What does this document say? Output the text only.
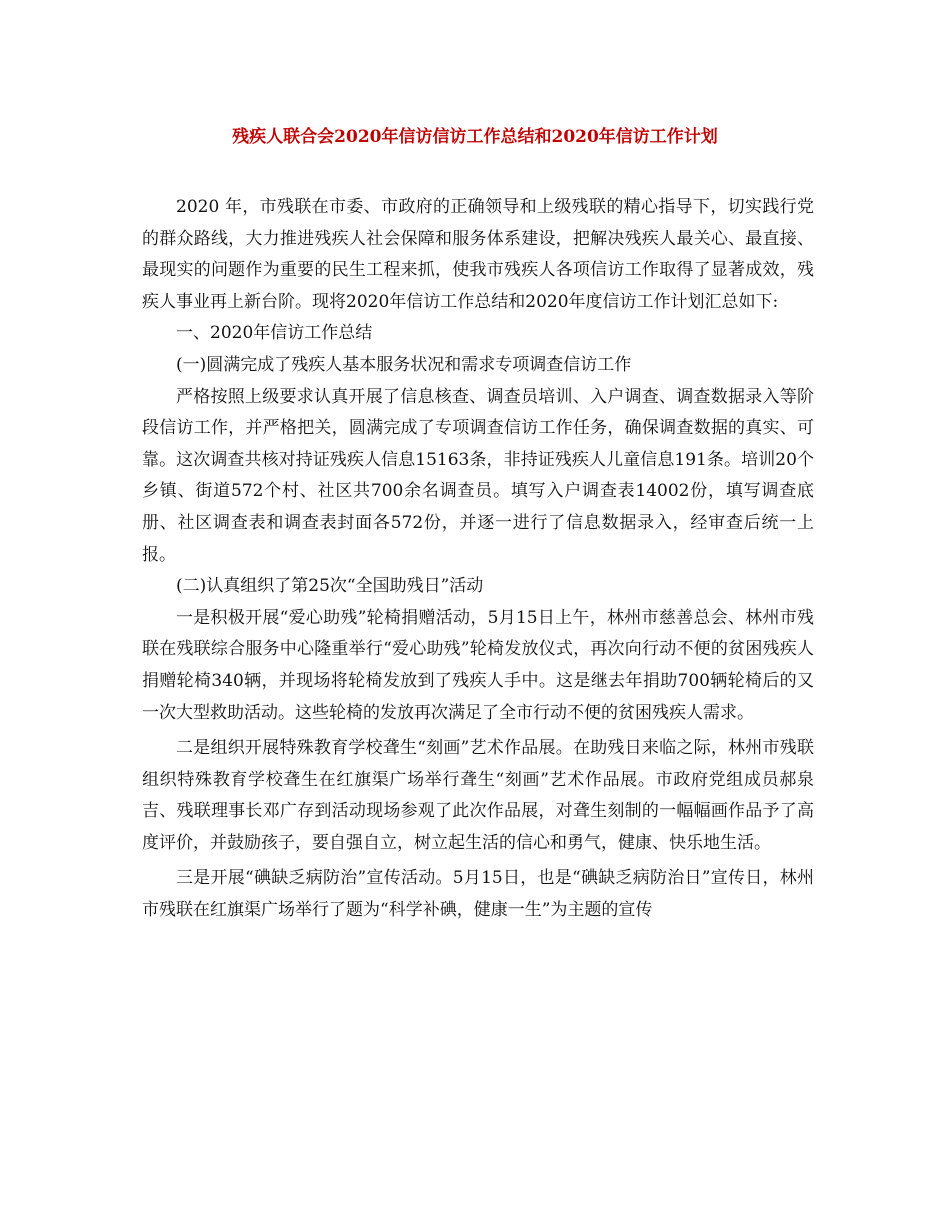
残疾人联合会2020年信访信访工作总结和2020年信访工作计划

2020 年，市残联在市委、市政府的正确领导和上级残联的精心指导下，切实践行党的群众路线，大力推进残疾人社会保障和服务体系建设，把解决残疾人最关心、最直接、最现实的问题作为重要的民生工程来抓，使我市残疾人各项信访工作取得了显著成效，残疾人事业再上新台阶。现将2020年信访工作总结和2020年度信访工作计划汇总如下:

一、2020年信访工作总结

(一)圆满完成了残疾人基本服务状况和需求专项调查信访工作

严格按照上级要求认真开展了信息核查、调查员培训、入户调查、调查数据录入等阶段信访工作，并严格把关，圆满完成了专项调查信访工作任务，确保调查数据的真实、可靠。这次调查共核对持证残疾人信息15163条，非持证残疾人儿童信息191条。培训20个乡镇、街道572个村、社区共700余名调查员。填写入户调查表14002份，填写调查底册、社区调查表和调查表封面各572份，并逐一进行了信息数据录入，经审查后统一上报。

(二)认真组织了第25次“全国助残日”活动

一是积极开展“爱心助残”轮椅捐赠活动，5月15日上午，林州市慈善总会、林州市残联在残联综合服务中心隆重举行“爱心助残”轮椅发放仪式，再次向行动不便的贫困残疾人捐赠轮椅340辆，并现场将轮椅发放到了残疾人手中。这是继去年捐助700辆轮椅后的又一次大型救助活动。这些轮椅的发放再次满足了全市行动不便的贫困残疾人需求。

二是组织开展特殊教育学校聋生“刻画”艺术作品展。在助残日来临之际，林州市残联组织特殊教育学校聋生在红旗渠广场举行聋生“刻画”艺术作品展。市政府党组成员郝泉吉、残联理事长邓广存到活动现场参观了此次作品展，对聋生刻制的一幅幅画作品予了高度评价，并鼓励孩子，要自强自立，树立起生活的信心和勇气，健康、快乐地生活。

三是开展“碘缺乏病防治”宣传活动。5月15日，也是“碘缺乏病防治日”宣传日，林州市残联在红旗渠广场举行了题为“科学补碘，健康一生”为主题的宣传
